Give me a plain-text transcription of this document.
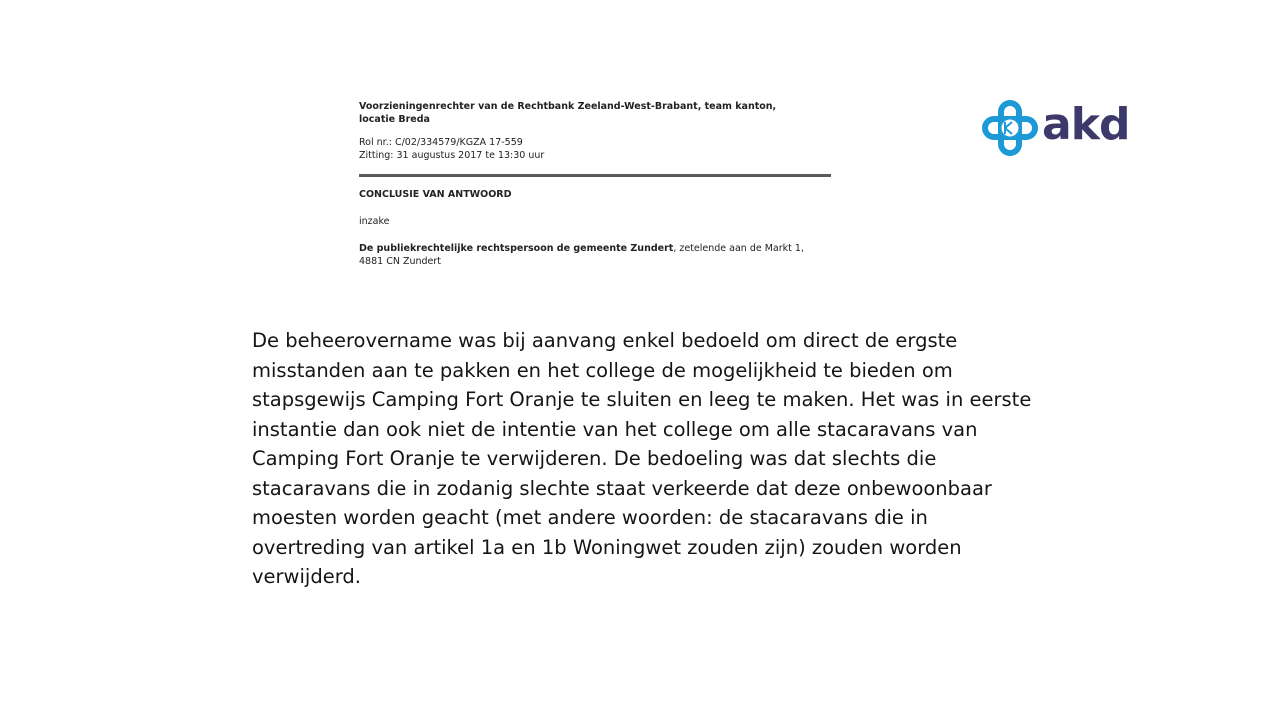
Voorzieningenrechter van de Rechtbank Zeeland-West-Brabant, team kanton,
locatie Breda

Rol nr.: C/02/334579/KGZA 17-559
Zitting: 31 augustus 2017 te 13:30 uur
CONCLUSIE VAN ANTWOORD
inzake
De publiekrechtelijke rechtspersoon de gemeente Zundert, zetelende aan de Markt 1,
4881 CN Zundert
akd

De beheerovername was bij aanvang enkel bedoeld om direct de ergste

misstanden aan te pakken en het college de mogelijkheid te bieden om

stapsgewijs Camping Fort Oranje te sluiten en leeg te maken. Het was in eerste

instantie dan ook niet de intentie van het college om alle stacaravans van

Camping Fort Oranje te verwijderen. De bedoeling was dat slechts die

stacaravans die in zodanig slechte staat verkeerde dat deze onbewoonbaar

moesten worden geacht (met andere woorden: de stacaravans die in

overtreding van artikel 1a en 1b Woningwet zouden zijn) zouden worden

verwijderd.
